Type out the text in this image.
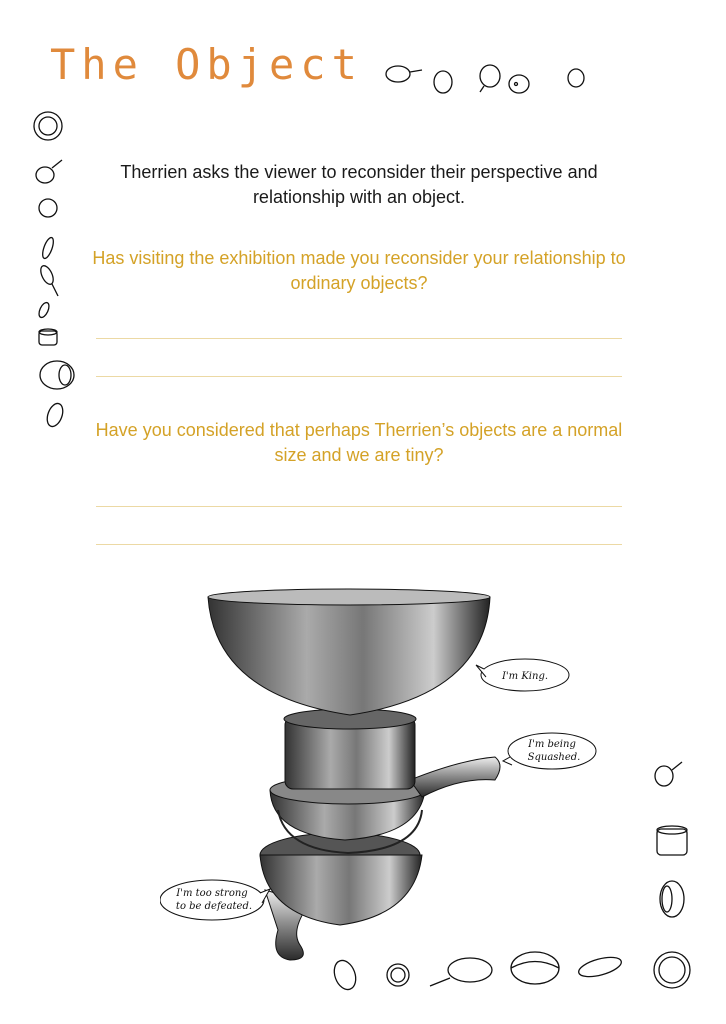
The Object

Therrien asks the viewer to reconsider their perspective and relationship with an object.

Has visiting the exhibition made you reconsider your relationship to ordinary objects?

Have you considered that perhaps Therrien’s objects are a normal size and we are tiny?

I'm King.
I'm being
Squashed.
I'm too strong
to be defeated.
